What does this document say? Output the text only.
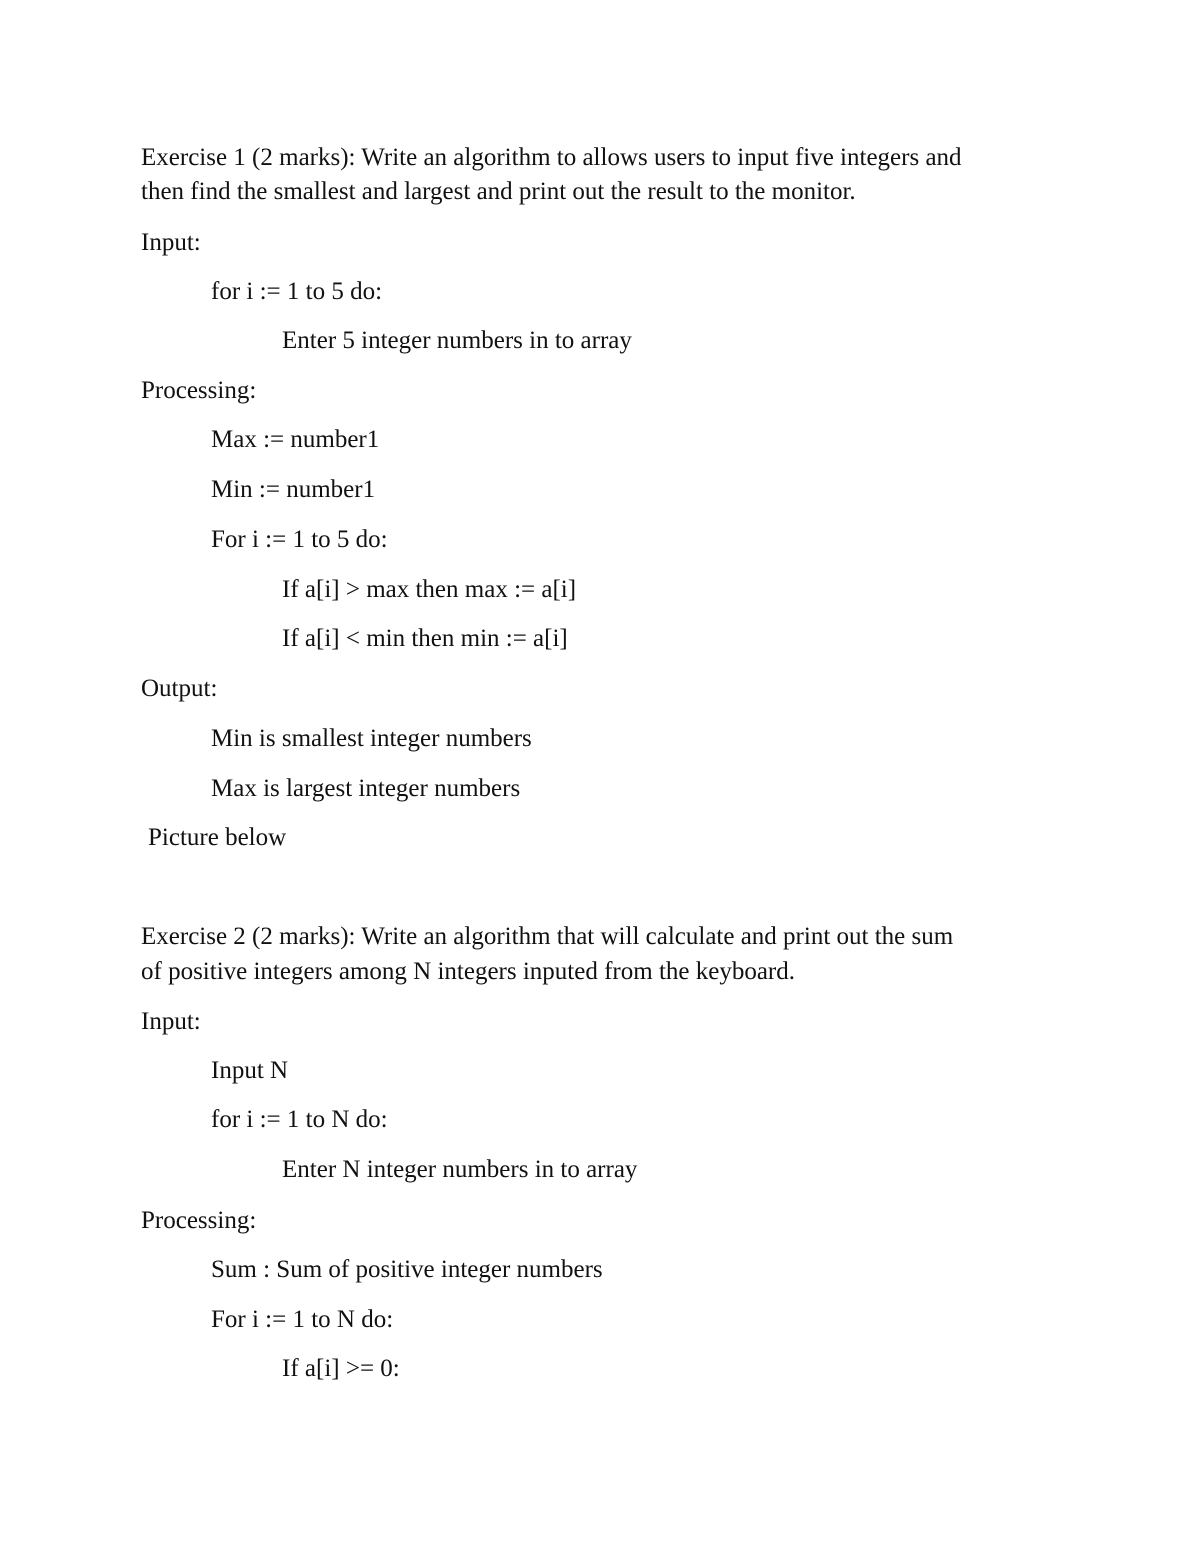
Exercise 1 (2 marks): Write an algorithm to allows users to input five integers and
then find the smallest and largest and print out the result to the monitor.
Input:
for i := 1 to 5 do:
Enter 5 integer numbers in to array
Processing:
Max := number1
Min := number1
For i := 1 to 5 do:
If a[i] > max then max := a[i]
If a[i] < min then min := a[i]
Output:
Min is smallest integer numbers
Max is largest integer numbers
Picture below
Exercise 2 (2 marks): Write an algorithm that will calculate and print out the sum
of positive integers among N integers inputed from the keyboard.
Input:
Input N
for i := 1 to N do:
Enter N integer numbers in to array
Processing:
Sum : Sum of positive integer numbers
For i := 1 to N do:
If a[i] >= 0:
